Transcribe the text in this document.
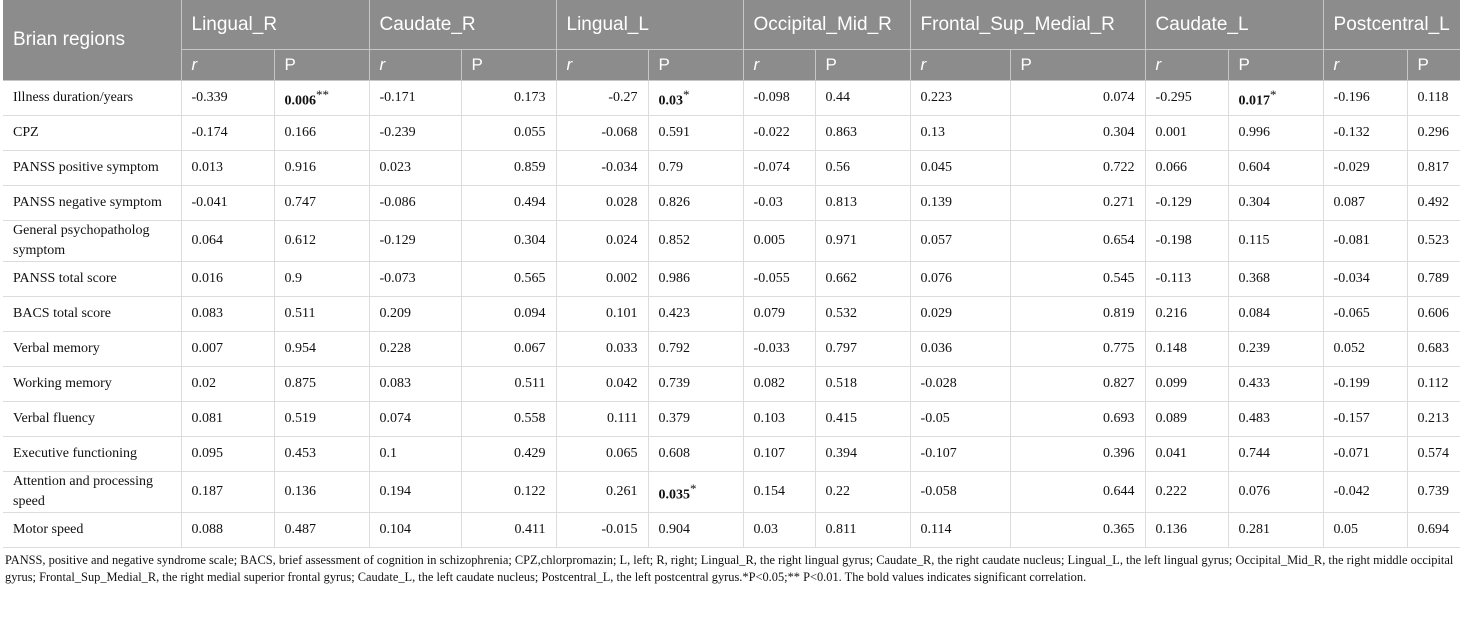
Brian regions	Lingual_R		Caudate_R		Lingual_L		Occipital_Mid_R		Frontal_Sup_Medial_R		Caudate_L		Postcentral_L	
	r	P	r	P	r	P	r	P	r	P	r	P	r	P
Illness duration/years	-0.339	0.006**	-0.171	0.173	-0.27	0.03*	-0.098	0.44	0.223	0.074	-0.295	0.017*	-0.196	0.118
CPZ	-0.174	0.166	-0.239	0.055	-0.068	0.591	-0.022	0.863	0.13	0.304	0.001	0.996	-0.132	0.296
PANSS positive symptom	0.013	0.916	0.023	0.859	-0.034	0.79	-0.074	0.56	0.045	0.722	0.066	0.604	-0.029	0.817
PANSS negative symptom	-0.041	0.747	-0.086	0.494	0.028	0.826	-0.03	0.813	0.139	0.271	-0.129	0.304	0.087	0.492
General psychopatholog symptom	0.064	0.612	-0.129	0.304	0.024	0.852	0.005	0.971	0.057	0.654	-0.198	0.115	-0.081	0.523
PANSS total score	0.016	0.9	-0.073	0.565	0.002	0.986	-0.055	0.662	0.076	0.545	-0.113	0.368	-0.034	0.789
BACS total score	0.083	0.511	0.209	0.094	0.101	0.423	0.079	0.532	0.029	0.819	0.216	0.084	-0.065	0.606
Verbal memory	0.007	0.954	0.228	0.067	0.033	0.792	-0.033	0.797	0.036	0.775	0.148	0.239	0.052	0.683
Working memory	0.02	0.875	0.083	0.511	0.042	0.739	0.082	0.518	-0.028	0.827	0.099	0.433	-0.199	0.112
Verbal fluency	0.081	0.519	0.074	0.558	0.111	0.379	0.103	0.415	-0.05	0.693	0.089	0.483	-0.157	0.213
Executive functioning	0.095	0.453	0.1	0.429	0.065	0.608	0.107	0.394	-0.107	0.396	0.041	0.744	-0.071	0.574
Attention and processing speed	0.187	0.136	0.194	0.122	0.261	0.035*	0.154	0.22	-0.058	0.644	0.222	0.076	-0.042	0.739
Motor speed	0.088	0.487	0.104	0.411	-0.015	0.904	0.03	0.811	0.114	0.365	0.136	0.281	0.05	0.694

PANSS, positive and negative syndrome scale; BACS, brief assessment of cognition in schizophrenia; CPZ,chlorpromazin; L, left; R, right; Lingual_R, the right lingual gyrus; Caudate_R, the right caudate nucleus; Lingual_L, the left lingual gyrus; Occipital_Mid_R, the right middle occipital gyrus; Frontal_Sup_Medial_R, the right medial superior frontal gyrus; Caudate_L, the left caudate nucleus; Postcentral_L, the left postcentral gyrus.*P<0.05;** P<0.01. The bold values indicates significant correlation.
